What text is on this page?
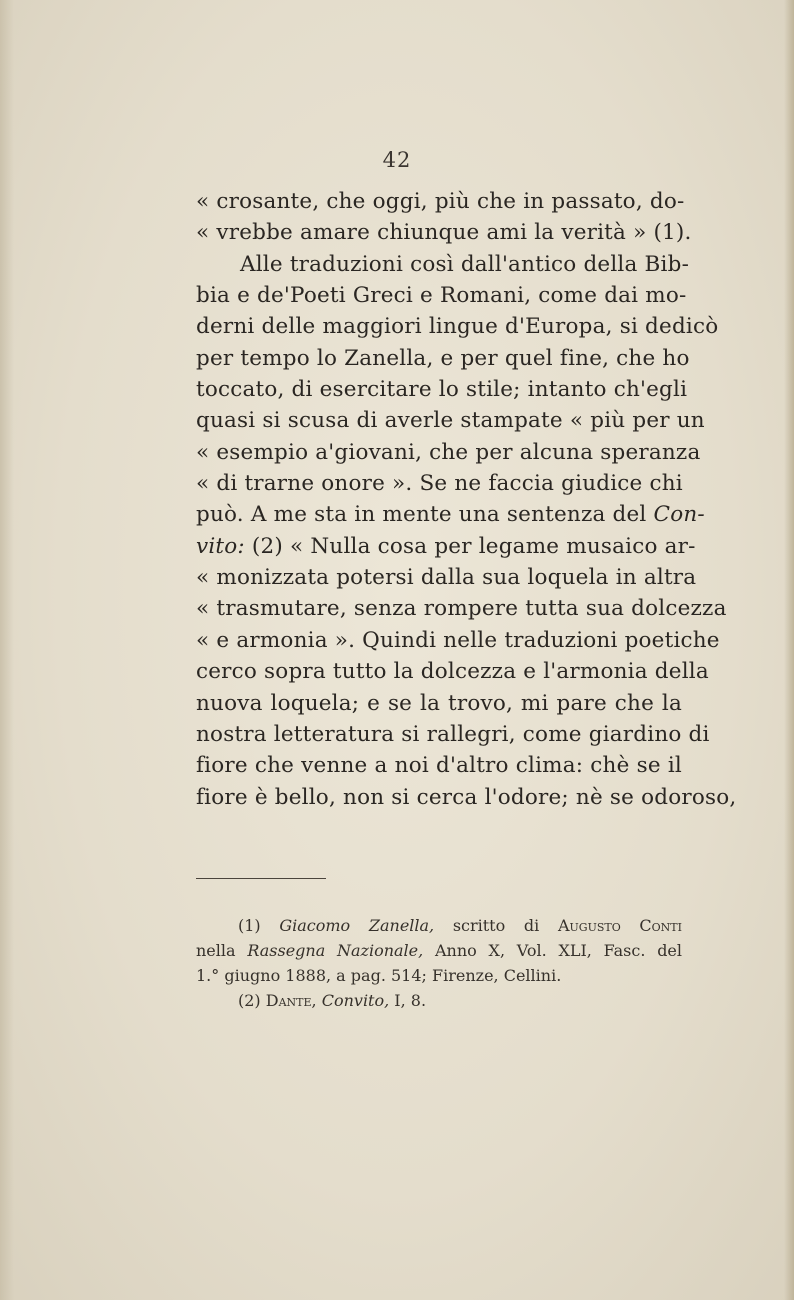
42
« crosante, che oggi, più che in passato, do-
« vrebbe amare chiunque ami la verità » (1).
Alle traduzioni così dall'antico della Bib-
bia e de'Poeti Greci e Romani, come dai mo-
derni delle maggiori lingue d'Europa, si dedicò
per tempo lo Zanella, e per quel fine, che ho
toccato, di esercitare lo stile; intanto ch'egli
quasi si scusa di averle stampate « più per un
« esempio a'giovani, che per alcuna speranza
« di trarne onore ». Se ne faccia giudice chi
può. A me sta in mente una sentenza del Con-
vito: (2) « Nulla cosa per legame musaico ar-
« monizzata potersi dalla sua loquela in altra
« trasmutare, senza rompere tutta sua dolcezza
« e armonia ». Quindi nelle traduzioni poetiche
cerco sopra tutto la dolcezza e l'armonia della
nuova loquela; e se la trovo, mi pare che la
nostra letteratura si rallegri, come giardino di
fiore che venne a noi d'altro clima: chè se il
fiore è bello, non si cerca l'odore; nè se odoroso,
(1) Giacomo Zanella, scritto di Augusto Conti
nella Rassegna Nazionale, Anno X, Vol. XLI, Fasc. del
1.° giugno 1888, a pag. 514; Firenze, Cellini.
(2) Dante, Convito, I, 8.
